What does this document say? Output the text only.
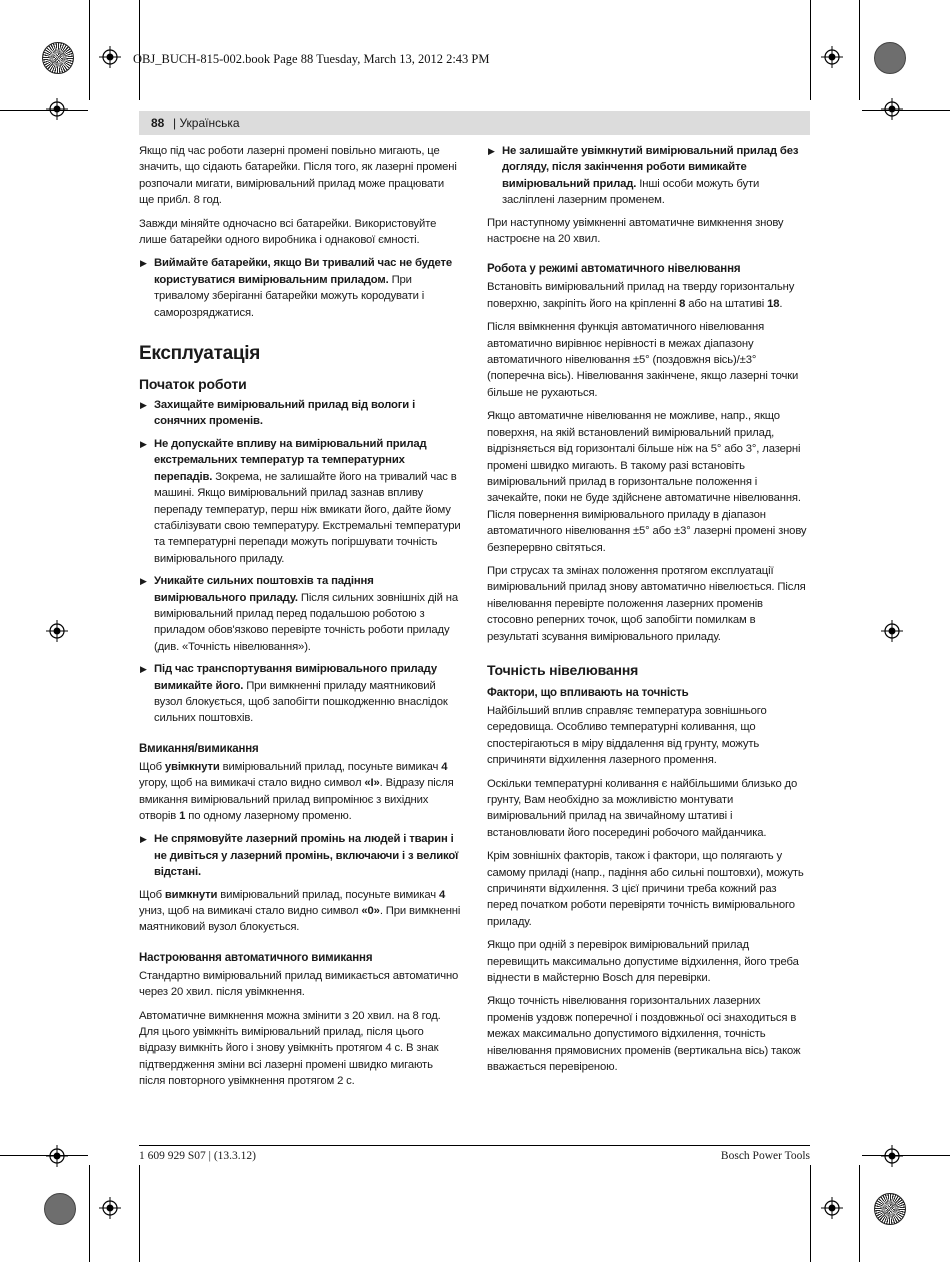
OBJ_BUCH-815-002.book Page 88 Tuesday, March 13, 2012 2:43 PM
88 | Українська

Якщо під час роботи лазерні промені повільно мигають, це значить, що сідають батарейки. Після того, як лазерні промені розпочали мигати, вимірювальний прилад може працювати ще прибл. 8 год.

Завжди міняйте одночасно всі батарейки. Використовуйте лише батарейки одного виробника і однакової ємності.

▶ Виймайте батарейки, якщо Ви тривалий час не будете користуватися вимірювальним приладом. При тривалому зберіганні батарейки можуть кородувати і саморозряджатися.
Експлуатація
Початок роботи
▶ Захищайте вимірювальний прилад від вологи і сонячних променів.
▶ Не допускайте впливу на вимірювальний прилад екстремальних температур та температурних перепадів. Зокрема, не залишайте його на тривалий час в машині. Якщо вимірювальний прилад зазнав впливу перепаду температур, перш ніж вмикати його, дайте йому стабілізувати свою температуру. Екстремальні температури та температурні перепади можуть погіршувати точність вимірювального приладу.
▶ Уникайте сильних поштовхів та падіння вимірювального приладу. Після сильних зовнішніх дій на вимірювальний прилад перед подальшою роботою з приладом обов'язково перевірте точність роботи приладу (див. «Точність нівелювання»).
▶ Під час транспортування вимірювального приладу вимикайте його. При вимкненні приладу маятниковий вузол блокується, щоб запобігти пошкодженню внаслідок сильних поштовхів.
Вмикання/вимикання

Щоб увімкнути вимірювальний прилад, посуньте вимикач 4 угору, щоб на вимикачі стало видно символ «I». Відразу після вмикання вимірювальний прилад випромінює з вихідних отворів 1 по одному лазерному променю.

▶ Не спрямовуйте лазерний промінь на людей і тварин і не дивіться у лазерний промінь, включаючи і з великої відстані.

Щоб вимкнути вимірювальний прилад, посуньте вимикач 4 униз, щоб на вимикачі стало видно символ «0». При вимкненні маятниковий вузол блокується.

Настроювання автоматичного вимикання

Стандартно вимірювальний прилад вимикається автоматично через 20 хвил. після увімкнення.

Автоматичне вимкнення можна змінити з 20 хвил. на 8 год. Для цього увімкніть вимірювальний прилад, після цього відразу вимкніть його і знову увімкніть протягом 4 с. В знак підтвердження зміни всі лазерні промені швидко мигають після повторного увімкнення протягом 2 с.

▶ Не залишайте увімкнутий вимірювальний прилад без догляду, після закінчення роботи вимикайте вимірювальний прилад. Інші особи можуть бути засліплені лазерним променем.

При наступному увімкненні автоматичне вимкнення знову настроєне на 20 хвил.

Робота у режимі автоматичного нівелювання

Встановіть вимірювальний прилад на тверду горизонтальну поверхню, закріпіть його на кріпленні 8 або на штативі 18.

Після ввімкнення функція автоматичного нівелювання автоматично вирівнює нерівності в межах діапазону автоматичного нівелювання ±5° (поздовжня вісь)/±3° (поперечна вісь). Нівелювання закінчене, якщо лазерні точки більше не рухаються.

Якщо автоматичне нівелювання не можливе, напр., якщо поверхня, на якій встановлений вимірювальний прилад, відрізняється від горизонталі більше ніж на 5° або 3°, лазерні промені швидко мигають. В такому разі встановіть вимірювальний прилад в горизонтальне положення і зачекайте, поки не буде здійснене автоматичне нівелювання. Після повернення вимірювального приладу в діапазон автоматичного нівелювання ±5° або ±3° лазерні промені знову безперервно світяться.

При струсах та змінах положення протягом експлуатації вимірювальний прилад знову автоматично нівелюється. Після нівелювання перевірте положення лазерних променів стосовно реперних точок, щоб запобігти помилкам в результаті зсування вимірювального приладу.

Точність нівелювання
Фактори, що впливають на точність

Найбільший вплив справляє температура зовнішнього середовища. Особливо температурні коливання, що спостерігаються в міру віддалення від грунту, можуть спричиняти відхилення лазерного промення.

Оскільки температурні коливання є найбільшими близько до грунту, Вам необхідно за можливістю монтувати вимірювальний прилад на звичайному штативі і встановлювати його посередині робочого майданчика.

Крім зовнішніх факторів, також і фактори, що полягають у самому приладі (напр., падіння або сильні поштовхи), можуть спричиняти відхилення. З цієї причини треба кожний раз перед початком роботи перевіряти точність вимірювального приладу.

Якщо при одній з перевірок вимірювальний прилад перевищить максимально допустиме відхилення, його треба віднести в майстерню Bosch для перевірки.

Якщо точність нівелювання горизонтальних лазерних променів уздовж поперечної і поздовжньої осі знаходиться в межах максимально допустимого відхилення, точність нівелювання прямовисних променів (вертикальна вісь) також вважається перевіреною.

1 609 929 S07 | (13.3.12)	Bosch Power Tools
